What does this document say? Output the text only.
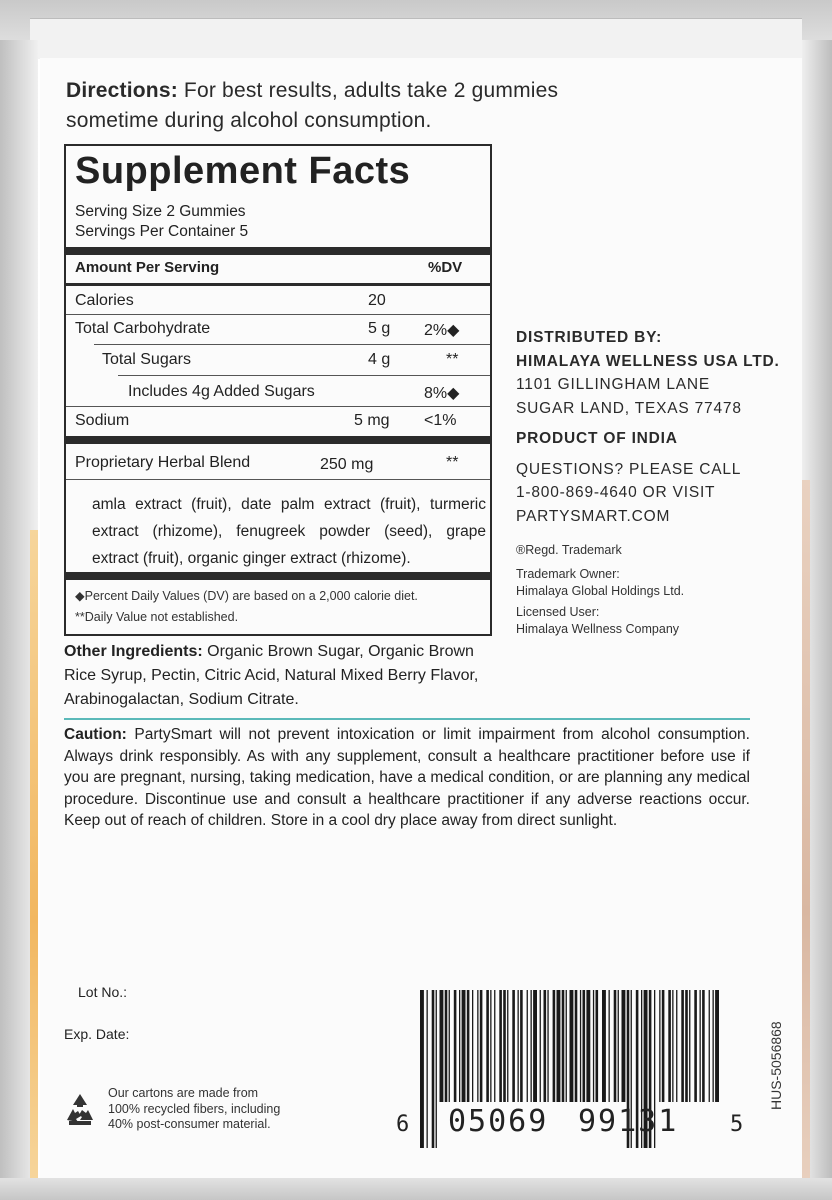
Directions: For best results, adults take 2 gummies
sometime during alcohol consumption.
Supplement Facts
Serving Size 2 Gummies
Servings Per Container 5
Amount Per Serving	%DV
Calories	20
Total Carbohydrate	5 g 2%◆
Total Sugars	4 g	**
Includes 4g Added Sugars	8%◆
Sodium	5 mg <1%
Proprietary Herbal Blend	250 mg	**
amla extract (fruit), date palm extract (fruit), turmeric extract (rhizome), fenugreek powder (seed), grape extract (fruit), organic ginger extract (rhizome).
◆Percent Daily Values (DV) are based on a 2,000 calorie diet.
**Daily Value not established.
Other Ingredients: Organic Brown Sugar, Organic Brown Rice Syrup, Pectin, Citric Acid, Natural Mixed Berry Flavor, Arabinogalactan, Sodium Citrate.
DISTRIBUTED BY:
HIMALAYA WELLNESS USA LTD.
1101 GILLINGHAM LANE
SUGAR LAND, TEXAS 77478
PRODUCT OF INDIA
QUESTIONS? PLEASE CALL
1-800-869-4640 OR VISIT
PARTYSMART.COM
®Regd. Trademark
Trademark Owner:
Himalaya Global Holdings Ltd.
Licensed User:
Himalaya Wellness Company
Caution: PartySmart will not prevent intoxication or limit impairment from alcohol consumption. Always drink responsibly. As with any supplement, consult a healthcare practitioner before use if you are pregnant, nursing, taking medication, have a medical condition, or are planning any medical procedure. Discontinue use and consult a healthcare practitioner if any adverse reactions occur. Keep out of reach of children. Store in a cool dry place away from direct sunlight.
Lot No.:
Exp. Date:
Our cartons are made from
100% recycled fibers, including
40% post-consumer material.	6 05069 99131 5
HUS-5056868
